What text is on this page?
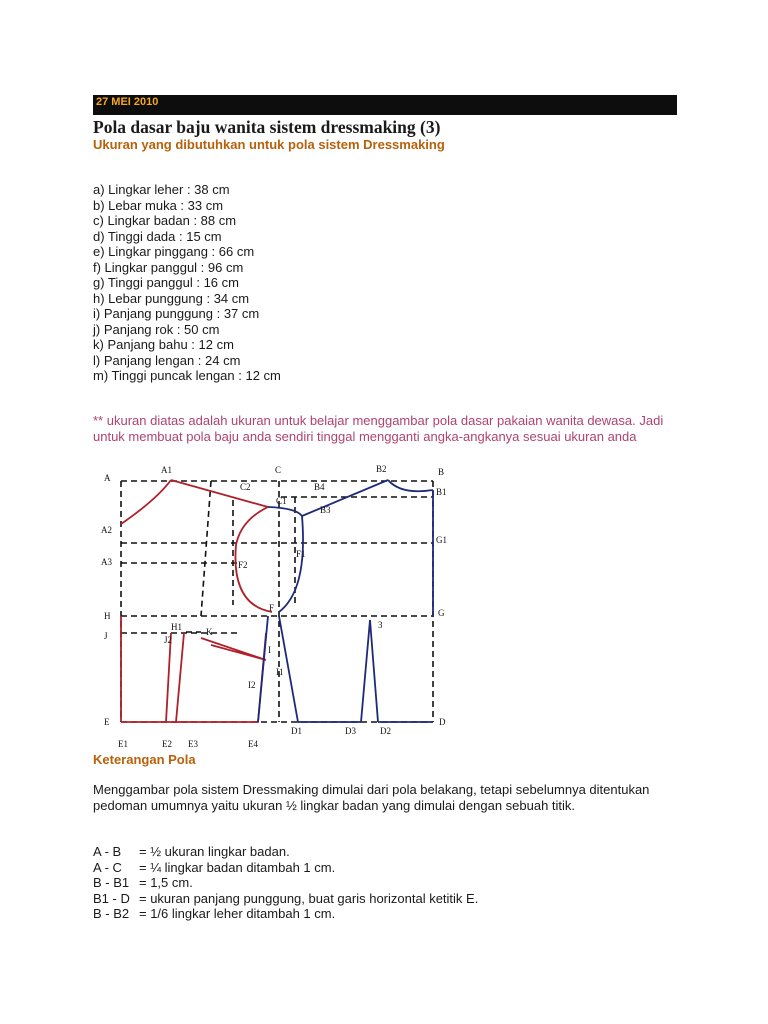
27 MEI 2010
Pola dasar baju wanita sistem dressmaking (3)
Ukuran yang dibutuhkan untuk pola sistem Dressmaking
a) Lingkar leher : 38 cm
b) Lebar muka : 33 cm
c) Lingkar badan : 88 cm
d) Tinggi dada : 15 cm
e) Lingkar pinggang : 66 cm
f) Lingkar panggul : 96 cm
g) Tinggi panggul : 16 cm
h) Lebar punggung : 34 cm
i) Panjang punggung : 37 cm
j) Panjang rok : 50 cm
k) Panjang bahu : 12 cm
l) Panjang lengan : 24 cm
m) Tinggi puncak lengan : 12 cm
** ukuran diatas adalah ukuran untuk belajar menggambar pola dasar pakaian wanita dewasa. Jadi untuk membuat pola baju anda sendiri tinggal mengganti angka-angkanya sesuai ukuran anda
A
A1	C	B2	B
C2	B4
C1
B1
B3
A2
F1
G1
A3	F2
F
H	G
J
H1	K
J2
3
I
I1
I2
E	D
D1	D3	D2
E1	E2 E3	E4
Keterangan Pola
Menggambar pola sistem Dressmaking dimulai dari pola belakang, tetapi sebelumnya ditentukan pedoman umumnya yaitu ukuran ½ lingkar badan yang dimulai dengan sebuah titik.
A - B = ½ ukuran lingkar badan.
A - C = ¼ lingkar badan ditambah 1 cm.
B - B1 = 1,5 cm.
B1 - D = ukuran panjang punggung, buat garis horizontal ketitik E.
B - B2 = 1/6 lingkar leher ditambah 1 cm.
